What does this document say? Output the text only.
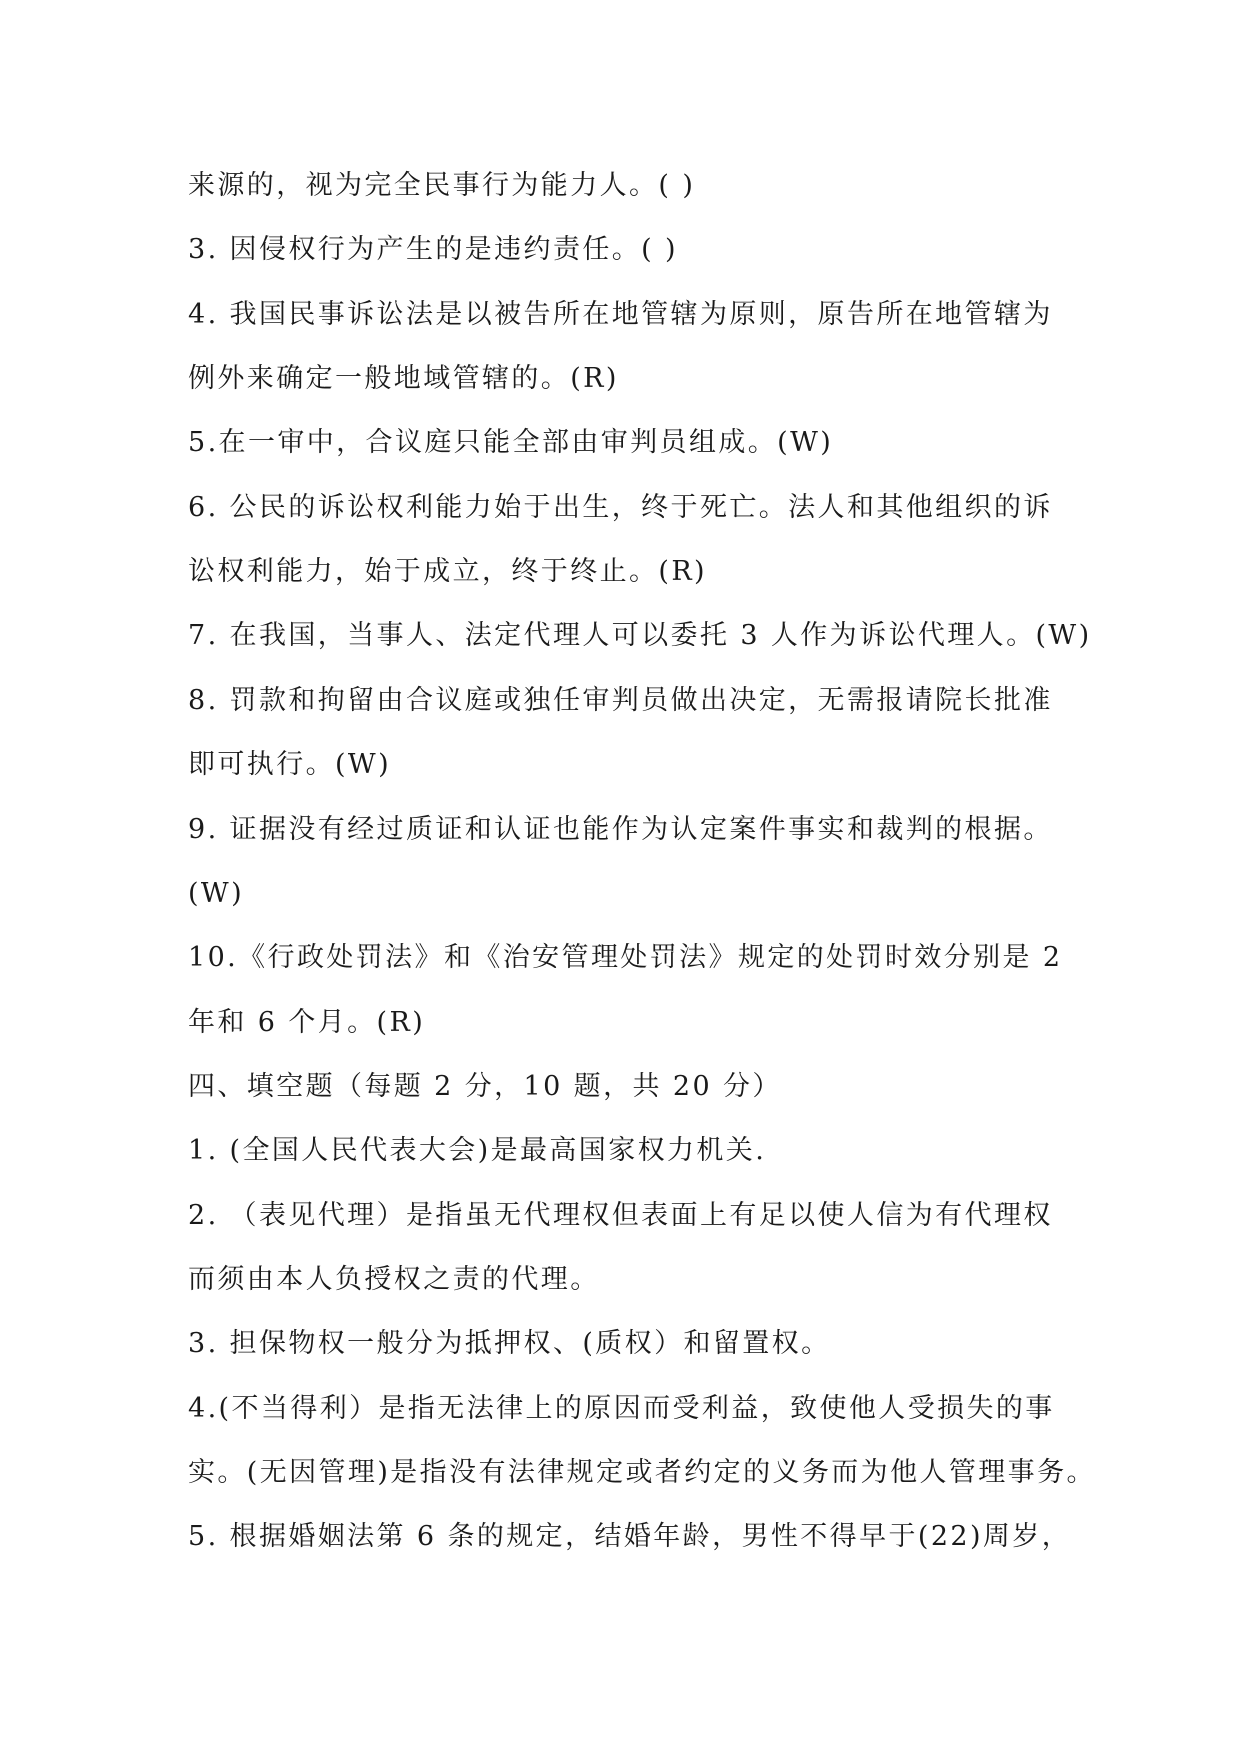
来源的，视为完全民事行为能力人。( )
3. 因侵权行为产生的是违约责任。( )
4. 我国民事诉讼法是以被告所在地管辖为原则，原告所在地管辖为
例外来确定一般地域管辖的。(R)
5.在一审中，合议庭只能全部由审判员组成。(W)
6. 公民的诉讼权利能力始于出生，终于死亡。法人和其他组织的诉
讼权利能力，始于成立，终于终止。(R)
7. 在我国，当事人、法定代理人可以委托 3 人作为诉讼代理人。(W)
8. 罚款和拘留由合议庭或独任审判员做出决定，无需报请院长批准
即可执行。(W)
9. 证据没有经过质证和认证也能作为认定案件事实和裁判的根据。
(W)
10.《行政处罚法》和《治安管理处罚法》规定的处罚时效分别是 2
年和 6 个月。(R)
四、填空题（每题 2 分，10 题，共 20 分）
1. (全国人民代表大会)是最高国家权力机关.
2. （表见代理）是指虽无代理权但表面上有足以使人信为有代理权
而须由本人负授权之责的代理。
3. 担保物权一般分为抵押权、(质权）和留置权。
4.(不当得利）是指无法律上的原因而受利益，致使他人受损失的事
实。(无因管理)是指没有法律规定或者约定的义务而为他人管理事务。
5. 根据婚姻法第 6 条的规定，结婚年龄，男性不得早于(22)周岁，
